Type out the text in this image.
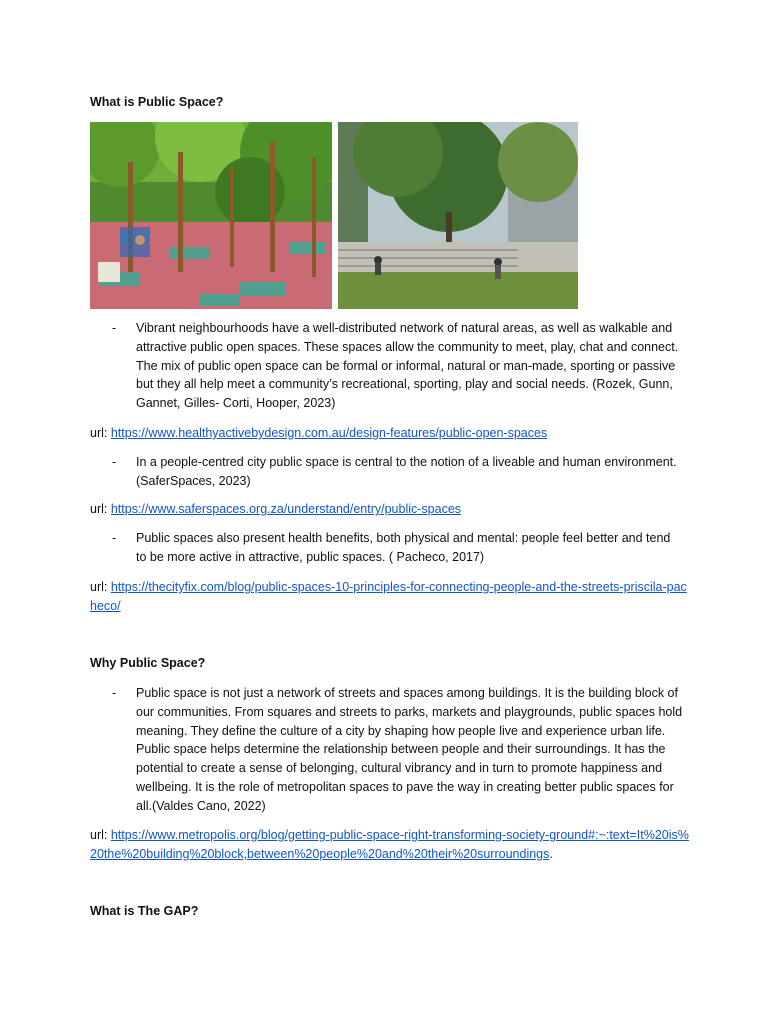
What is Public Space?
- Vibrant neighbourhoods have a well-distributed network of natural areas, as well as walkable and attractive public open spaces. These spaces allow the community to meet, play, chat and connect. The mix of public open space can be formal or informal, natural or man-made, sporting or passive but they all help meet a community’s recreational, sporting, play and social needs. (Rozek, Gunn, Gannet, Gilles- Corti, Hooper, 2023)
url: https://www.healthyactivebydesign.com.au/design-features/public-open-spaces
- In a people-centred city public space is central to the notion of a liveable and human environment.(SaferSpaces, 2023)
url: https://www.saferspaces.org.za/understand/entry/public-spaces
- Public spaces also present health benefits, both physical and mental: people feel better and tend to be more active in attractive, public spaces. ( Pacheco, 2017)
url: https://thecityfix.com/blog/public-spaces-10-principles-for-connecting-people-and-the-streets-priscila-pacheco/
Why Public Space?
- Public space is not just a network of streets and spaces among buildings. It is the building block of our communities. From squares and streets to parks, markets and playgrounds, public spaces hold meaning. They define the culture of a city by shaping how people live and experience urban life. Public space helps determine the relationship between people and their surroundings. It has the potential to create a sense of belonging, cultural vibrancy and in turn to promote happiness and wellbeing. It is the role of metropolitan spaces to pave the way in creating better public spaces for all.(Valdes Cano, 2022)
url: https://www.metropolis.org/blog/getting-public-space-right-transforming-society-ground#:~:text=It%20is%20the%20building%20block,between%20people%20and%20their%20surroundings.
What is The GAP?
